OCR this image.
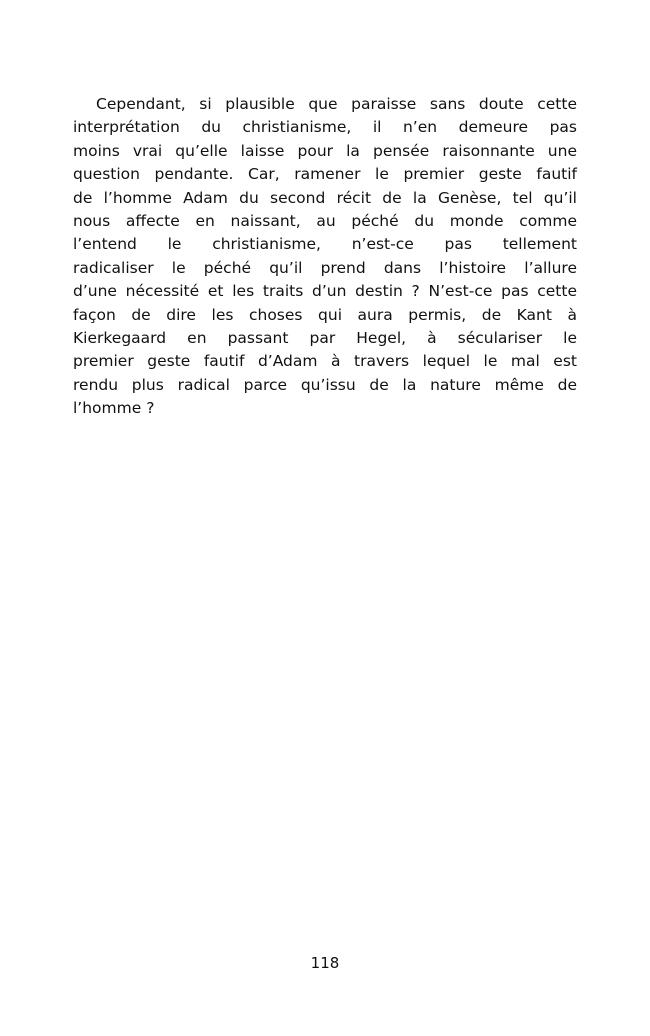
Cependant, si plausible que paraisse sans doute cette
interprétation du christianisme, il n’en demeure pas
moins vrai qu’elle laisse pour la pensée raisonnante une
question pendante. Car, ramener le premier geste fautif
de l’homme Adam du second récit de la Genèse, tel qu’il
nous affecte en naissant, au péché du monde comme
l’entend le christianisme, n’est-ce pas tellement
radicaliser le péché qu’il prend dans l’histoire l’allure
d’une nécessité et les traits d’un destin ? N’est-ce pas cette
façon de dire les choses qui aura permis, de Kant à
Kierkegaard en passant par Hegel, à séculariser le
premier geste fautif d’Adam à travers lequel le mal est
rendu plus radical parce qu’issu de la nature même de
l’homme ?
118
